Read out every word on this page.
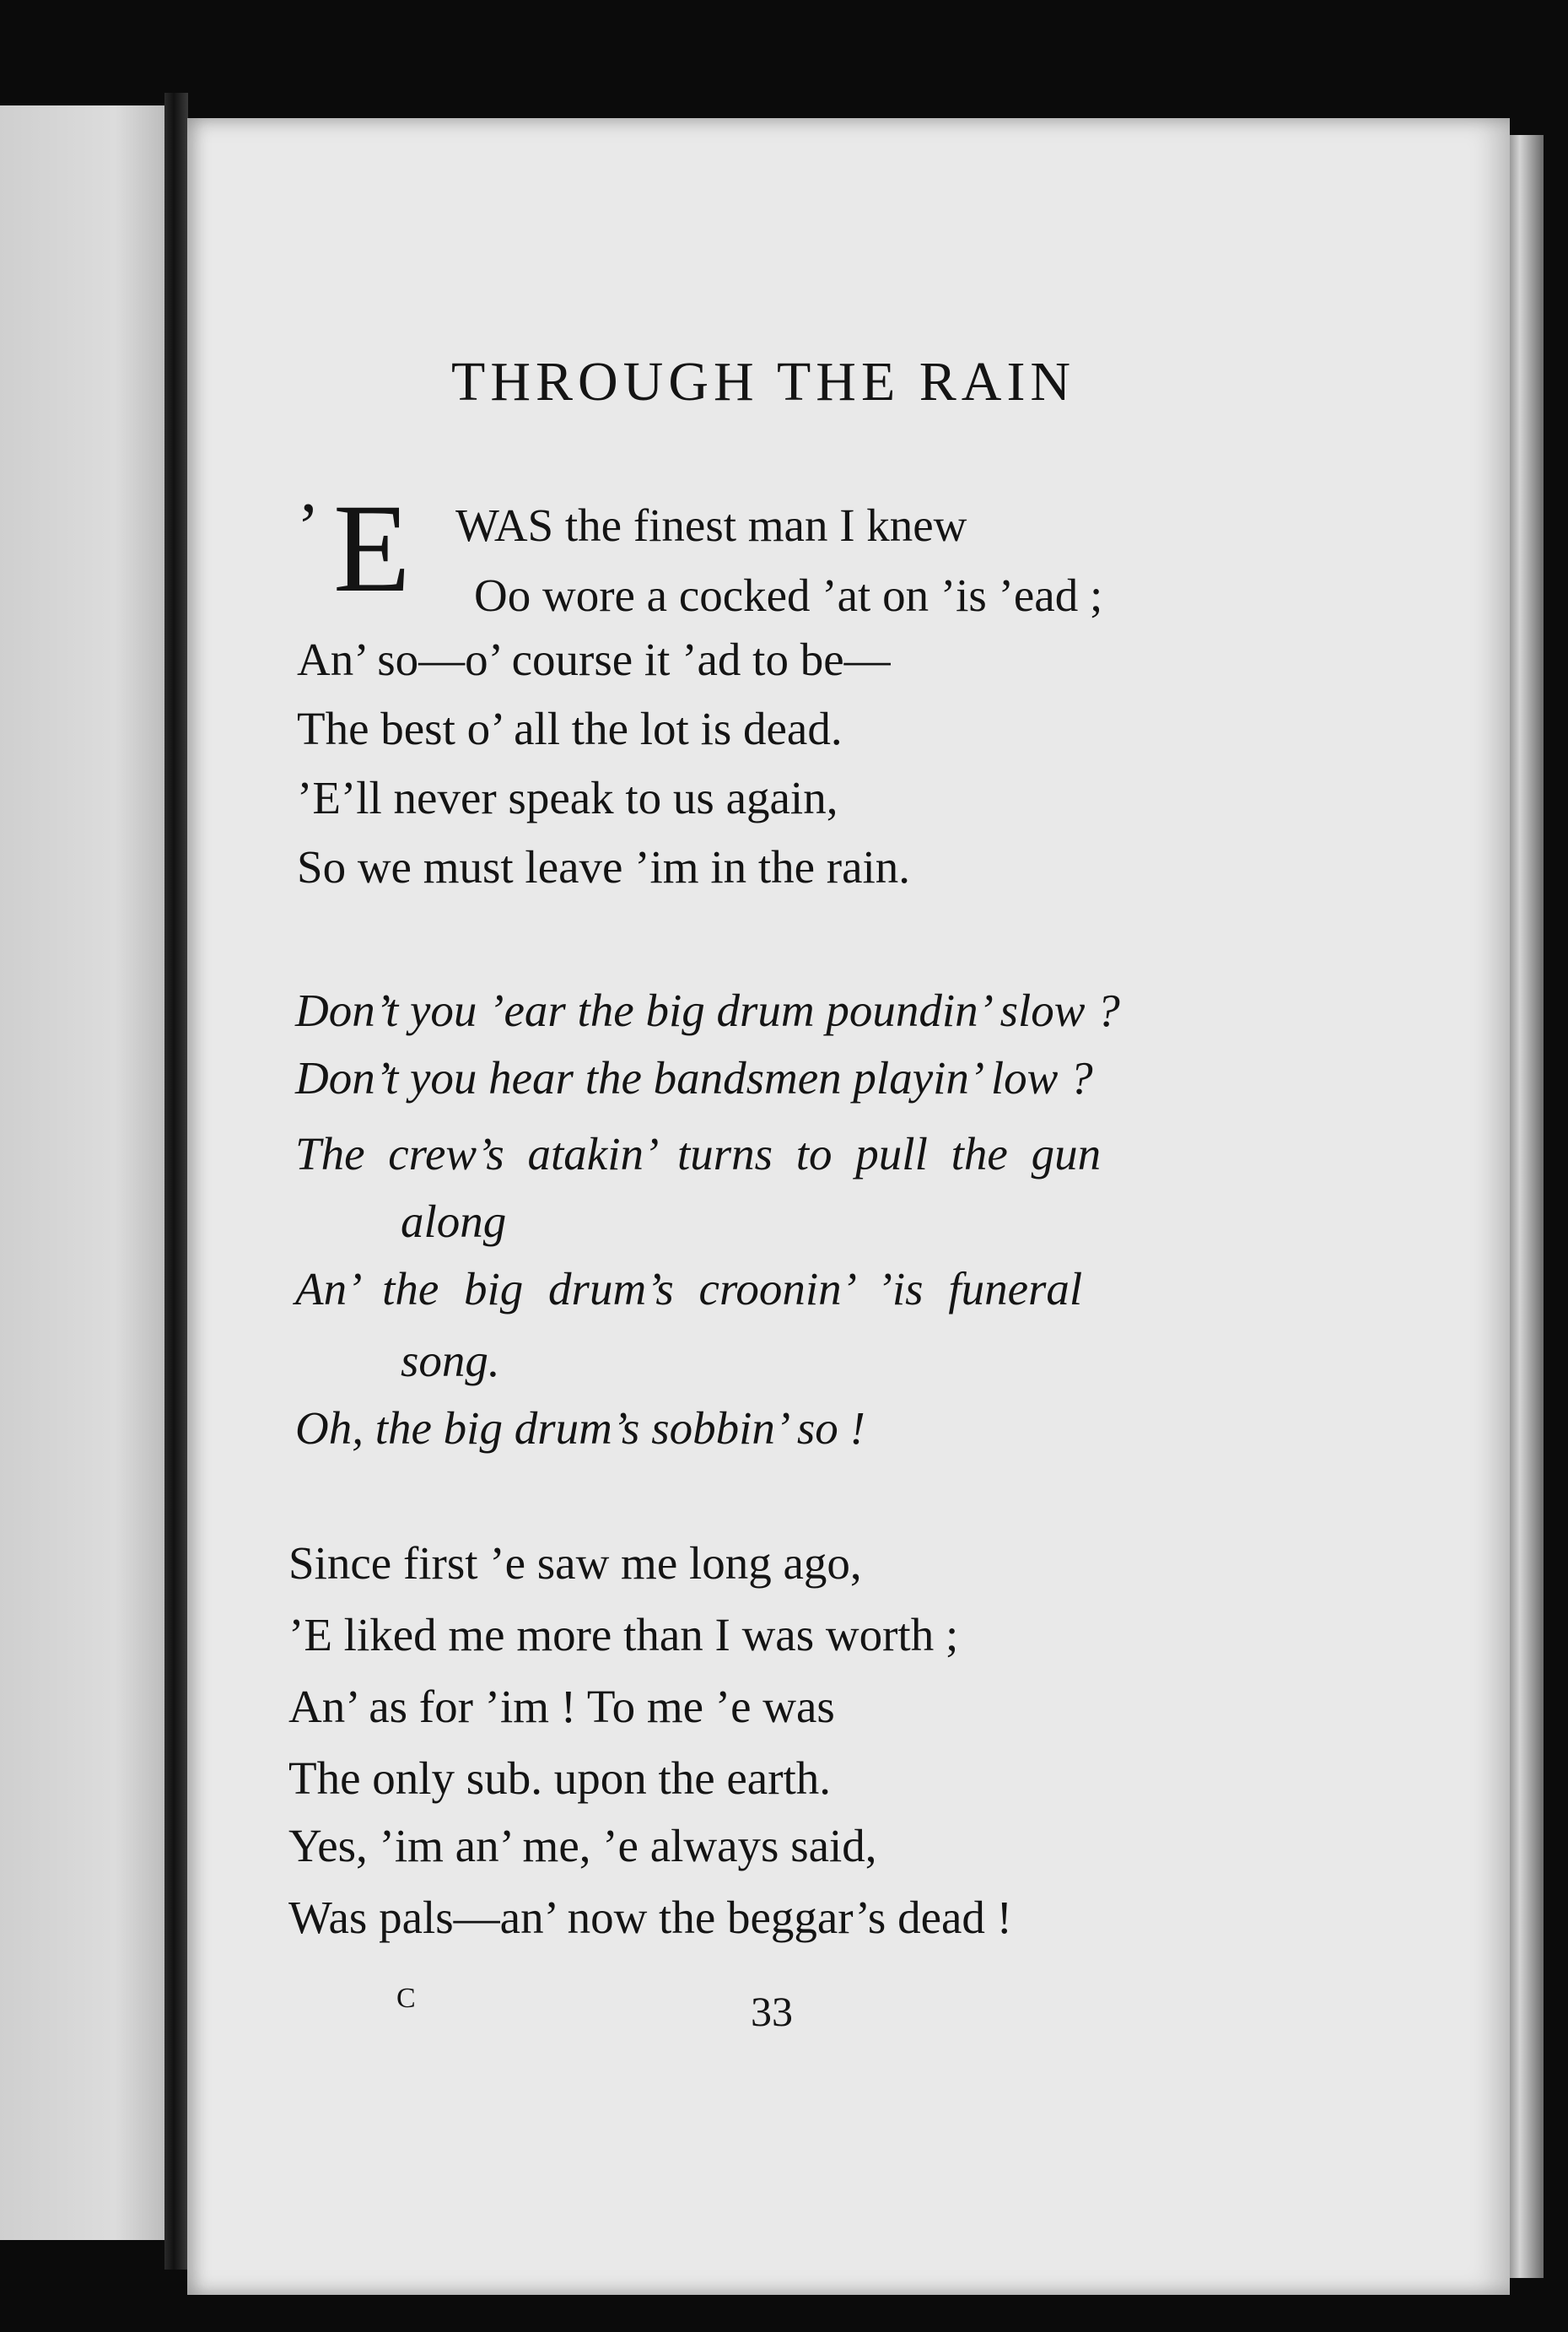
THROUGH THE RAIN
’ E WAS the finest man I knew
Oo wore a cocked ’at on ’is ’ead ;
An’ so—o’ course it ’ad to be—
The best o’ all the lot is dead.
’E’ll never speak to us again,
So we must leave ’im in the rain.
Don’t you ’ear the big drum poundin’ slow ?
Don’t you hear the bandsmen playin’ low ?
The crew’s atakin’ turns to pull the gun
along
An’ the big drum’s croonin’ ’is funeral
song.
Oh, the big drum’s sobbin’ so !
Since first ’e saw me long ago,
’E liked me more than I was worth ;
An’ as for ’im ! To me ’e was
The only sub. upon the earth.
Yes, ’im an’ me, ’e always said,
Was pals—an’ now the beggar’s dead !
C	33
